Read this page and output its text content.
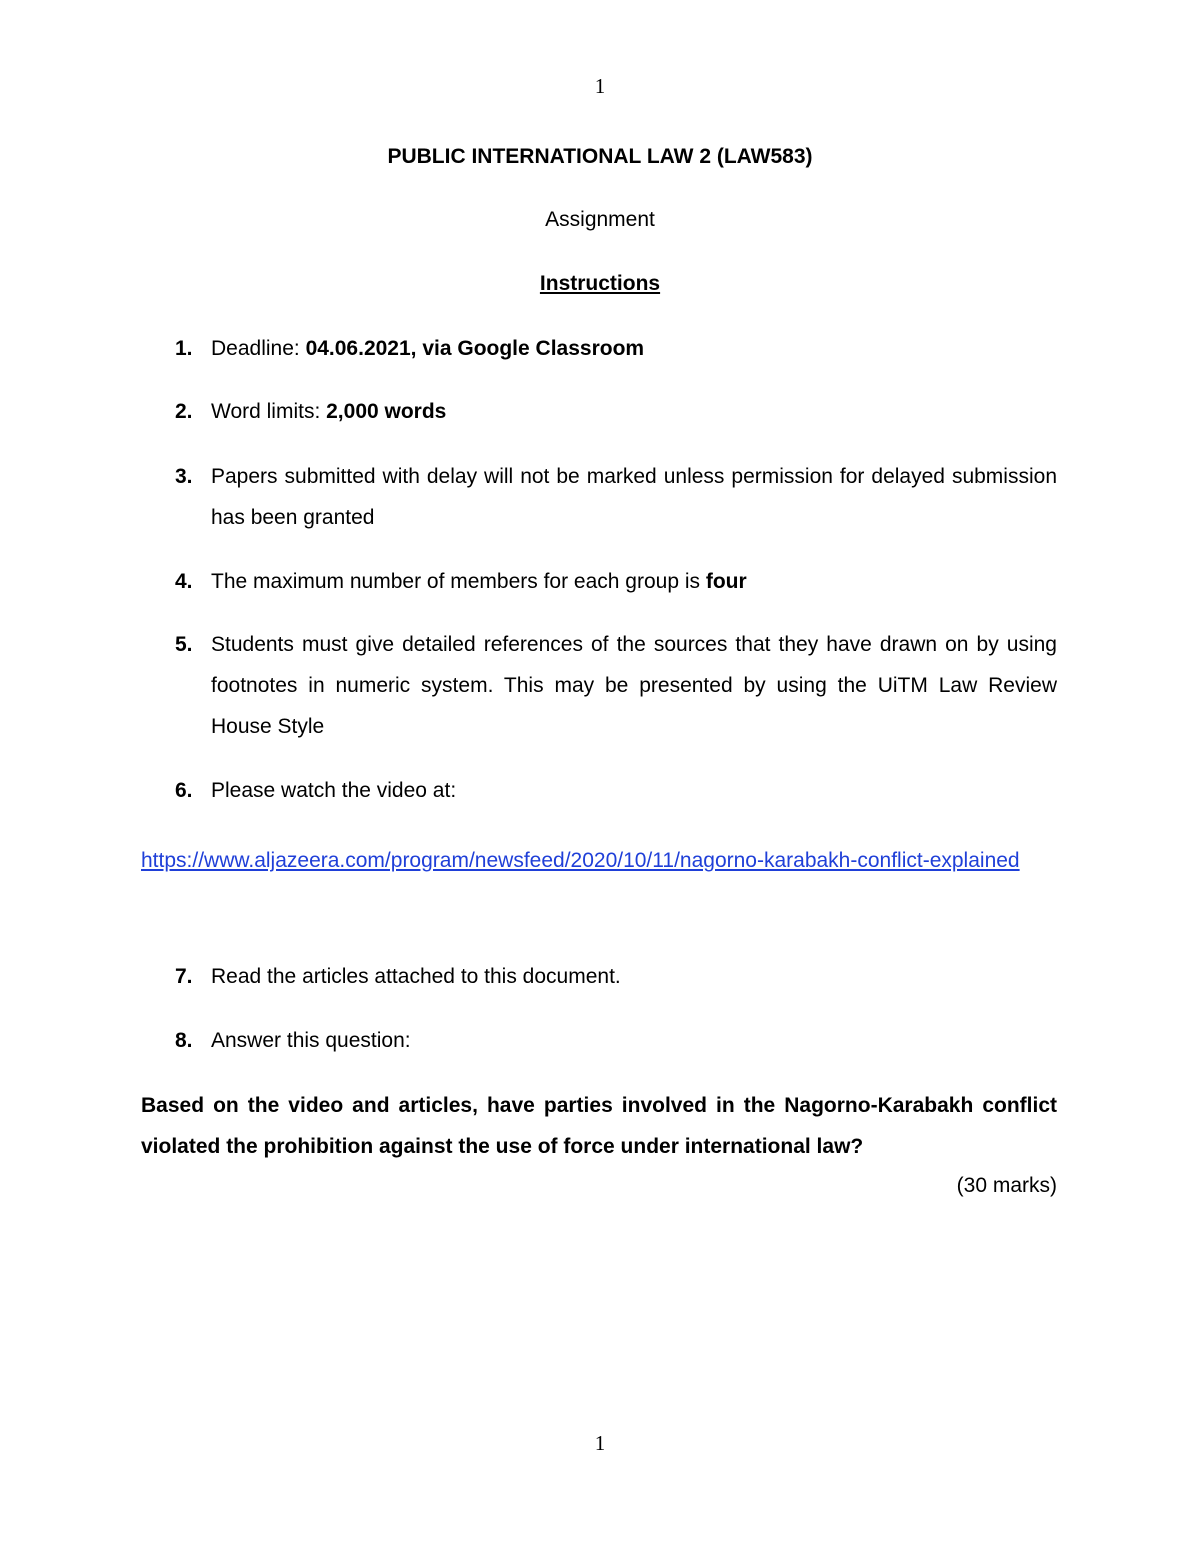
1
PUBLIC INTERNATIONAL LAW 2 (LAW583)
Assignment
Instructions
1. Deadline: 04.06.2021, via Google Classroom
2. Word limits: 2,000 words
3. Papers submitted with delay will not be marked unless permission for delayed submission has been granted
4. The maximum number of members for each group is four
5. Students must give detailed references of the sources that they have drawn on by using footnotes in numeric system. This may be presented by using the UiTM Law Review House Style
6. Please watch the video at:
https://www.aljazeera.com/program/newsfeed/2020/10/11/nagorno-karabakh-conflict-explained
7. Read the articles attached to this document.
8. Answer this question:
Based on the video and articles, have parties involved in the Nagorno-Karabakh conflict violated the prohibition against the use of force under international law?
(30 marks)
1
